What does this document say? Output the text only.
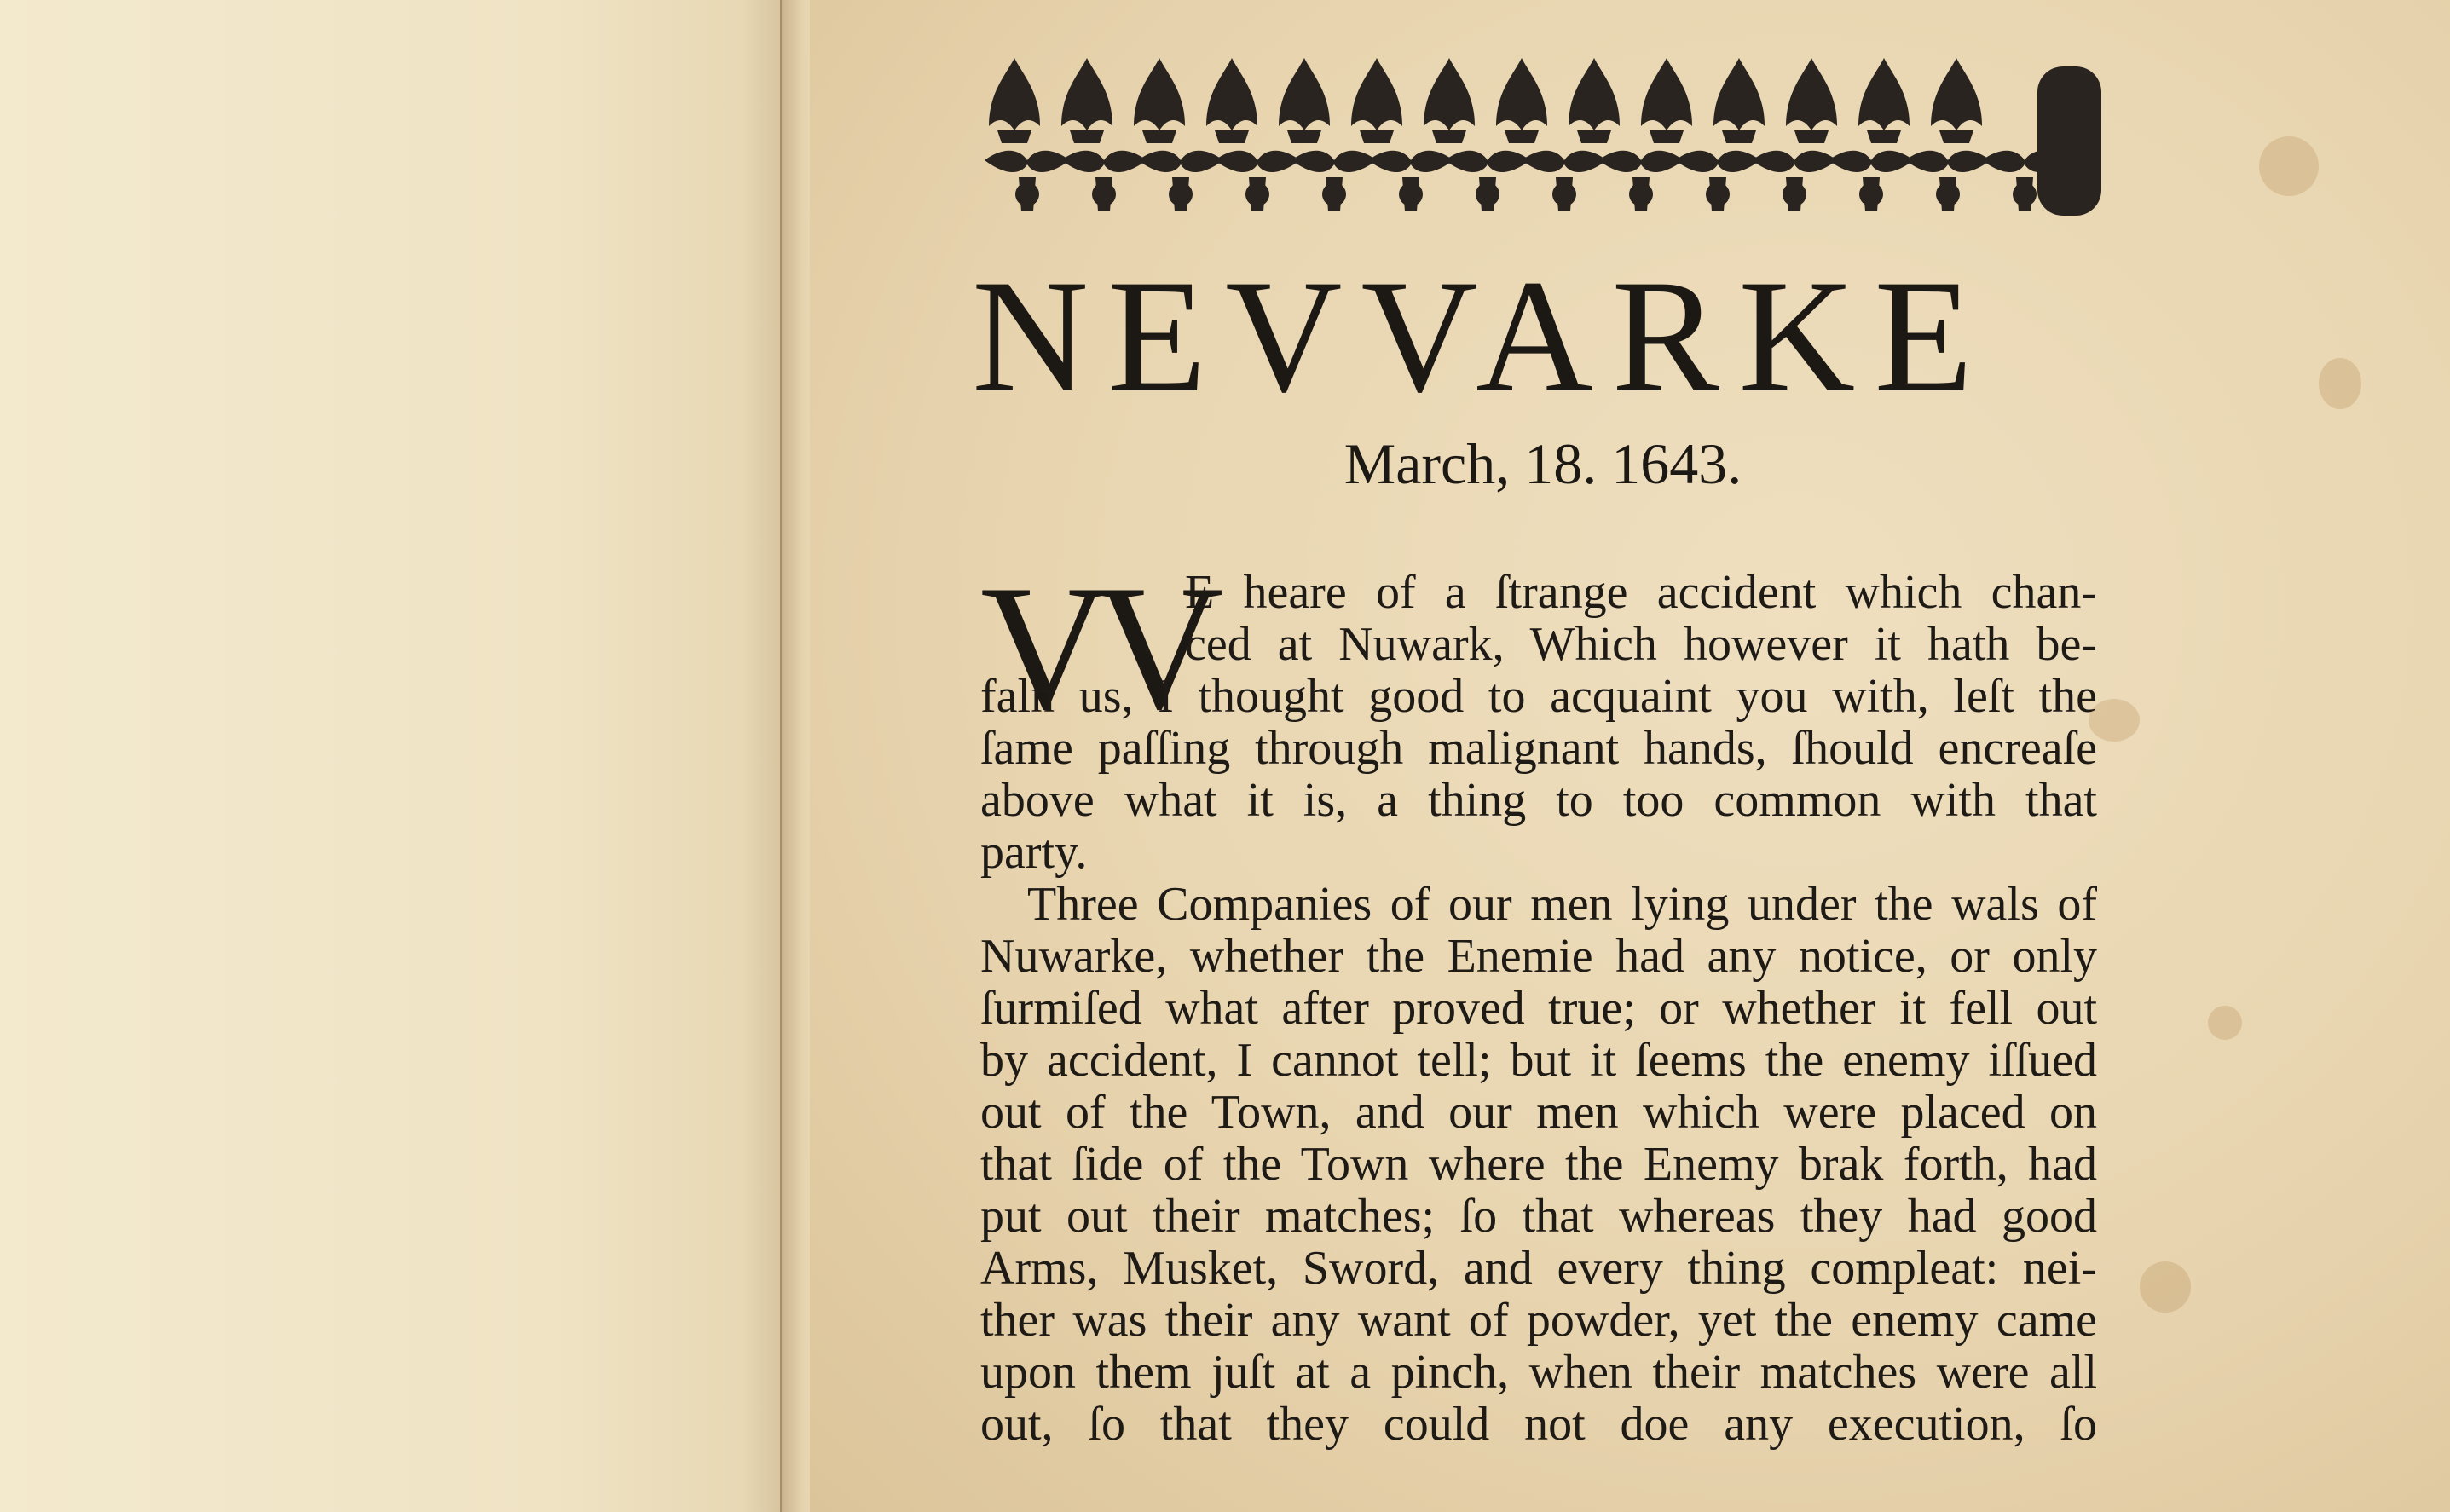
NEVVARKE
March, 18. 1643.
VV
E heare of a ſtrange accident which chan-
ced at Nuwark, Which however it hath be-
faln us, I thought good to acquaint you with, leſt the
ſame paſſing through malignant hands, ſhould encreaſe
above what it is, a thing to too common with that
party.
Three Companies of our men lying under the wals of
Nuwarke, whether the Enemie had any notice, or only
ſurmiſed what after proved true; or whether it fell out
by accident, I cannot tell; but it ſeems the enemy iſſued
out of the Town, and our men which were placed on
that ſide of the Town where the Enemy brak forth, had
put out their matches; ſo that whereas they had good
Arms, Musket, Sword, and every thing compleat: nei-
ther was their any want of powder, yet the enemy came
upon them juſt at a pinch, when their matches were all
out, ſo that they could not doe any execution, ſo
